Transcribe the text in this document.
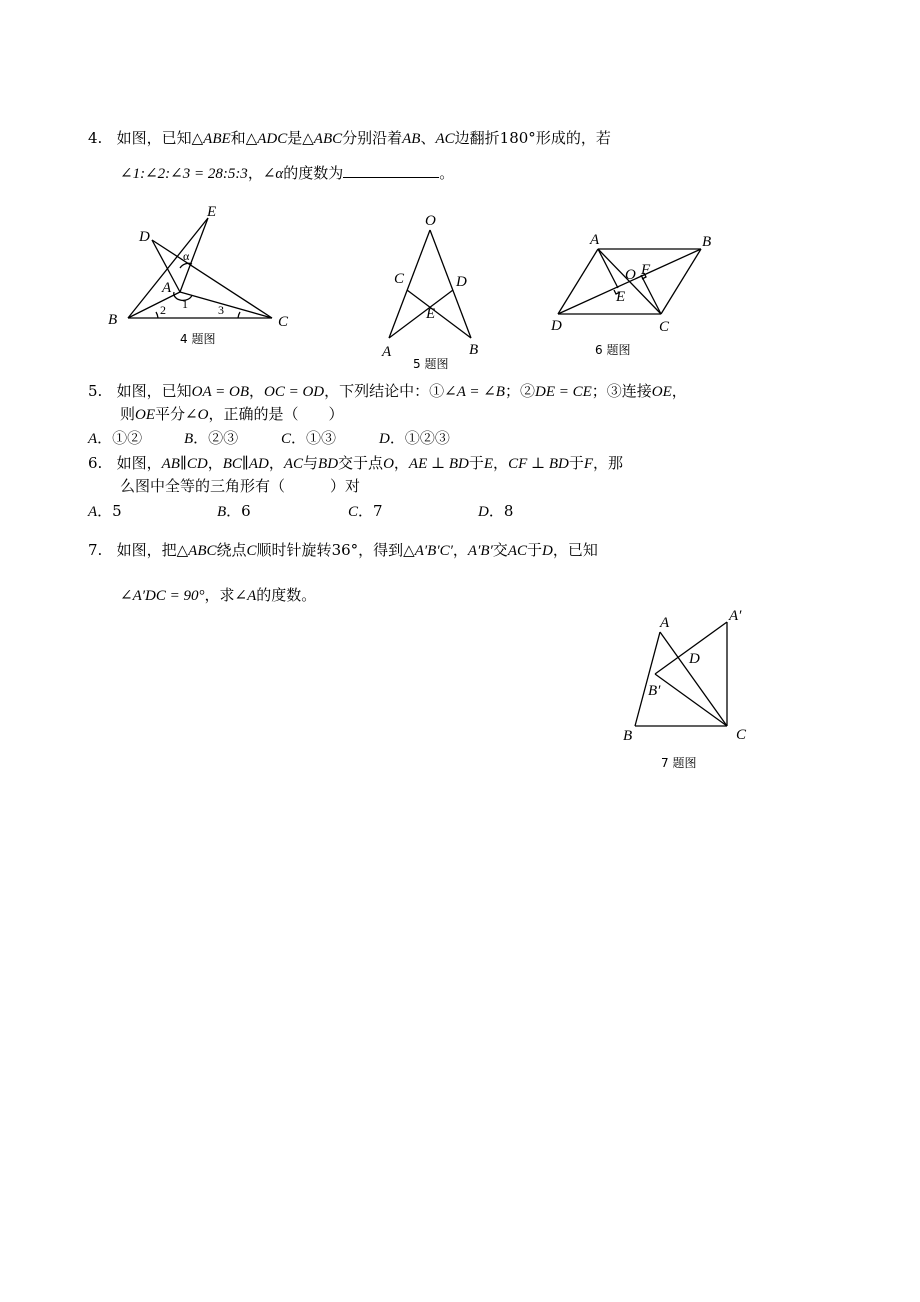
4. 如图，已知△ABE和△ADC是△ABC分别沿着AB、AC边翻折180°形成的，若
∠1:∠2:∠3 = 28:5:3，∠α的度数为	。
E
D
α
A
1
2	3
B	C
4 题图
O
C	D
E
A	B
5 题图
A	B
O F
E
D	C
6 题图
5. 如图，已知OA = OB，OC = OD，下列结论中：①∠A = ∠B；②DE = CE；③连接OE，
则OE平分∠O，正确的是（　　）
A．①②	B．②③	C．①③	D．①②③
6. 如图，AB∥CD，BC∥AD，AC与BD交于点O，AE ⊥ BD于E，CF ⊥ BD于F，那
么图中全等的三角形有（　　　）对
A．5	B．6	C．7	D．8
7. 如图，把△ABC绕点C顺时针旋转36°，得到△A′B′C′，A′B′交AC于D，已知
∠A′DC = 90°，求∠A的度数。
A	A′
D
B′
B	C
7 题图
